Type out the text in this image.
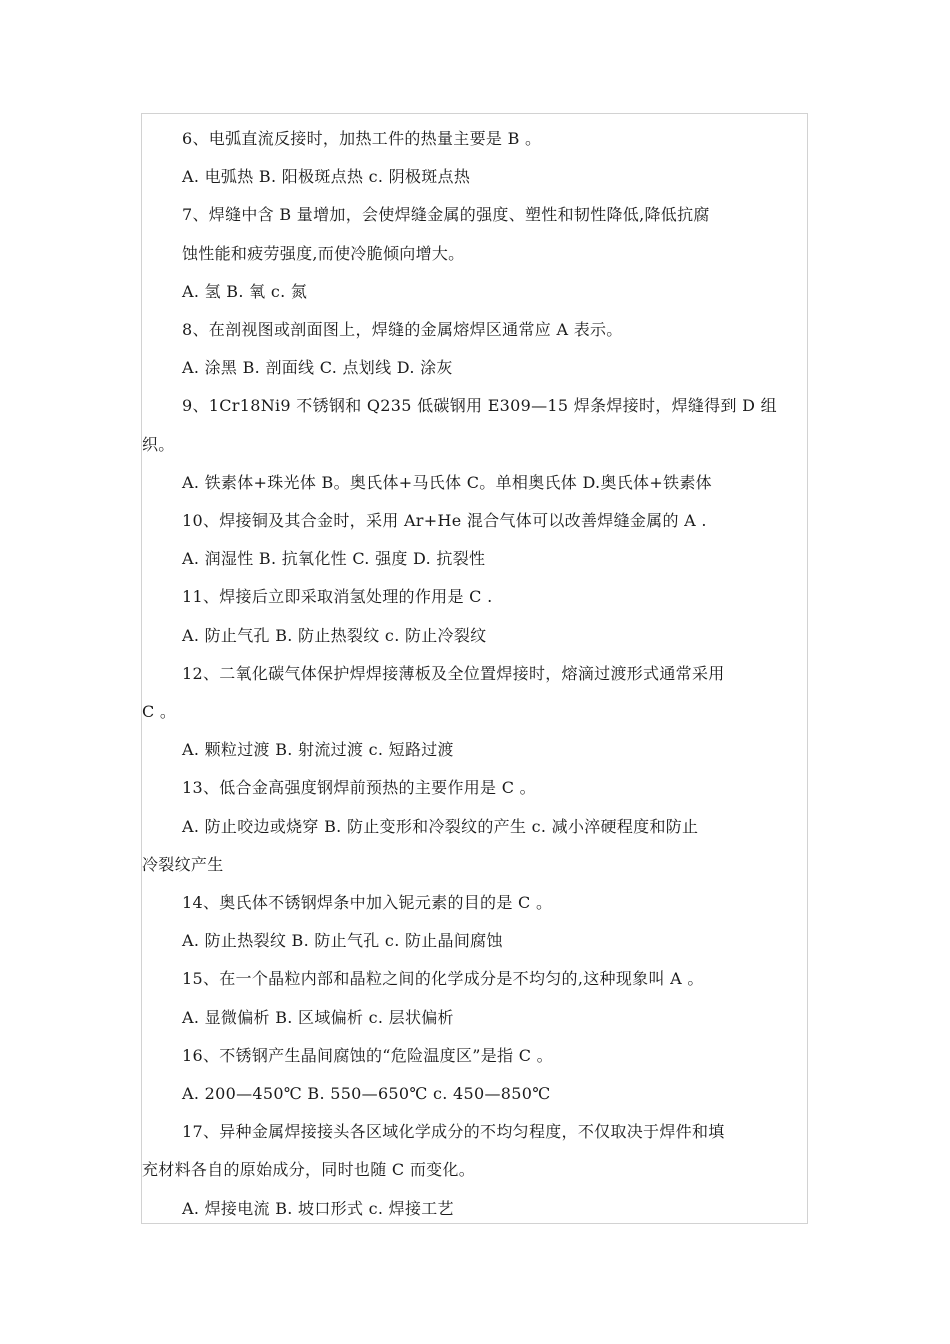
6、电弧直流反接时，加热工件的热量主要是 B 。
A. 电弧热 B. 阳极斑点热 c. 阴极斑点热
7、焊缝中含 B 量增加，会使焊缝金属的强度、塑性和韧性降低,降低抗腐
蚀性能和疲劳强度,而使冷脆倾向增大。
A. 氢 B. 氧 c. 氮
8、在剖视图或剖面图上，焊缝的金属熔焊区通常应 A 表示。
A. 涂黑 B. 剖面线 C. 点划线 D. 涂灰
9、1Cr18Ni9 不锈钢和 Q235 低碳钢用 E309—15 焊条焊接时，焊缝得到 D 组
织。
A. 铁素体+珠光体 B。奥氏体+马氏体 C。单相奥氏体 D.奥氏体+铁素体
10、焊接铜及其合金时，采用 Ar+He 混合气体可以改善焊缝金属的 A .
A. 润湿性 B. 抗氧化性 C. 强度 D. 抗裂性
11、焊接后立即采取消氢处理的作用是 C .
A. 防止气孔 B. 防止热裂纹 c. 防止冷裂纹
12、二氧化碳气体保护焊焊接薄板及全位置焊接时，熔滴过渡形式通常采用
C 。
A. 颗粒过渡 B. 射流过渡 c. 短路过渡
13、低合金高强度钢焊前预热的主要作用是 C 。
A. 防止咬边或烧穿 B. 防止变形和冷裂纹的产生 c. 减小淬硬程度和防止
冷裂纹产生
14、奥氏体不锈钢焊条中加入铌元素的目的是 C 。
A. 防止热裂纹 B. 防止气孔 c. 防止晶间腐蚀
15、在一个晶粒内部和晶粒之间的化学成分是不均匀的,这种现象叫 A 。
A. 显微偏析 B. 区域偏析 c. 层状偏析
16、不锈钢产生晶间腐蚀的“危险温度区”是指 C 。
A. 200—450℃ B. 550—650℃ c. 450—850℃
17、异种金属焊接接头各区域化学成分的不均匀程度，不仅取决于焊件和填
充材料各自的原始成分，同时也随 C 而变化。
A. 焊接电流 B. 坡口形式 c. 焊接工艺
